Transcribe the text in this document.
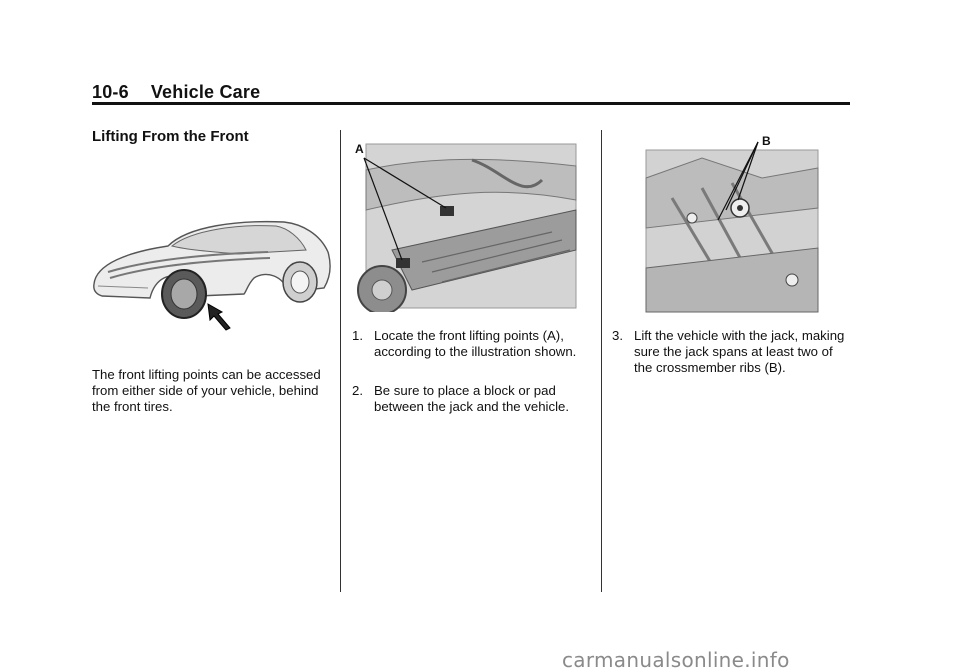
10-6 Vehicle Care
Lifting From the Front
The front lifting points can be accessed from either side of your vehicle, behind the front tires.
A
1. Locate the front lifting points (A), according to the illustration shown.
2. Be sure to place a block or pad between the jack and the vehicle.
B
3. Lift the vehicle with the jack, making sure the jack spans at least two of the crossmember ribs (B).
carmanualsonline.info
